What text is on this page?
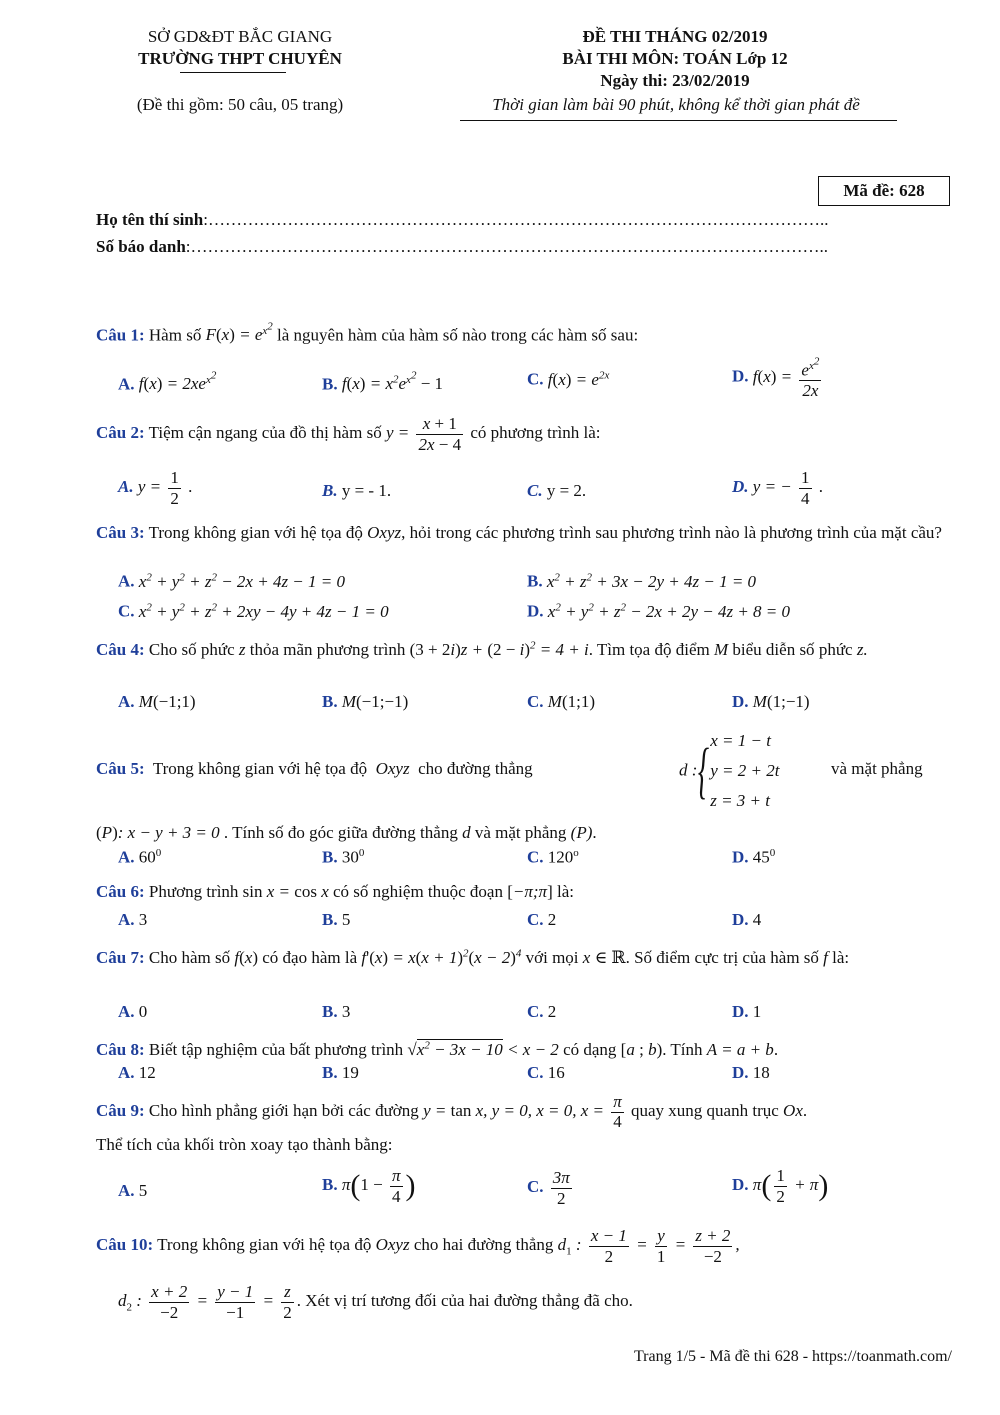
SỞ GD&ĐT BẮC GIANG
TRƯỜNG THPT CHUYÊN
(Đề thi gồm: 50 câu, 05 trang)
ĐỀ THI THÁNG 02/2019
BÀI THI MÔN: TOÁN Lớp 12
Ngày thi: 23/02/2019
Thời gian làm bài 90 phút, không kể thời gian phát đề
Mã đề: 628
Họ tên thí sinh:………………………………………………………………………………………………..
Số báo danh:…………………………………………………………………………………………………..
Câu 1: Hàm số $F(x) = e^{x^2}$ là nguyên hàm của hàm số nào trong các hàm số sau:
A. $f(x) = 2xe^{x^2}$	B. $f(x) = x^2e^{x^2} - 1$	C. $f(x) = e^{2x}$	D. $f(x) = \frac{e^{x^2}}{2x}$
Câu 2: Tiệm cận ngang của đồ thị hàm số $y = \frac{x + 1}{2x - 4}$ có phương trình là:
A. $y = \frac{1}{2}$ .	B. y = - 1.	C. y = 2.	D. y = − $\frac{1}{4}$ .
Câu 3: Trong không gian với hệ tọa độ Oxyz, hỏi trong các phương trình sau phương trình nào là phương trình của mặt cầu?
A. $x^2 + y^2 + z^2 - 2x + 4z - 1 = 0$	B. $x^2 + z^2 + 3x - 2y + 4z - 1 = 0$
C. $x^2 + y^2 + z^2 + 2xy - 4y + 4z - 1 = 0$	D. $x^2 + y^2 + z^2 - 2x + 2y - 4z + 8 = 0$
Câu 4: Cho số phức z thỏa mãn phương trình $(3 + 2i)z + (2 - i)^2 = 4 + i$. Tìm tọa độ điểm M biểu diễn số phức z.
A. M(−1;1)	B. M(−1;−1)	C. M(1;1)	D. M(1;−1)
Câu 5: Trong không gian với hệ tọa độ Oxyz cho đường thẳng	d :{ x = 1 − t
y = 2 + 2t
z = 3 + t
và mặt phẳng
(P): x − y + 3 = 0 . Tính số đo góc giữa đường thẳng d và mặt phẳng (P).
A. $60^0$	B. $30^0$	C. 120$^o$	D. $45^0$
Câu 6: Phương trình sin x = cos x có số nghiệm thuộc đoạn [−π;π] là:
A. 3	B. 5	C. 2	D. 4
Câu 7: Cho hàm số f(x) có đạo hàm là $f'(x) = x(x + 1)^2(x - 2)^4$ với mọi x ∈ ℝ. Số điểm cực trị của hàm số f là:
A. 0	B. 3	C. 2	D. 1
Câu 8: Biết tập nghiệm của bất phương trình $√x^2 - 3x - 10 < x - 2$ có dạng [a ; b). Tính A = a + b.
A. 12	B. 19	C. 16	D. 18
Câu 9: Cho hình phẳng giới hạn bởi các đường y = tan x, y = 0, x = 0, $x = \frac{\pi}{4}$ quay xung quanh trục Ox.
Thể tích của khối tròn xoay tạo thành bằng:
A. 5	B. $\pi(1 - \frac{\pi}{4}$ )	C. $\frac{3\pi}{2}$	D. $\pi( \frac{1}{2} + \pi)$
Câu 10: Trong không gian với hệ tọa độ Oxyz cho hai đường thẳng $d_1$ : $\frac{x - 1}{2} = \frac{y}{1} = \frac{z + 2}{-2}$ ,
$d_2$ : $\frac{x + 2}{-2} = \frac{y - 1}{-1} = \frac{z}{2}$ . Xét vị trí tương đối của hai đường thẳng đã cho.
Trang 1/5 - Mã đề thi 628 - https://toanmath.com/
